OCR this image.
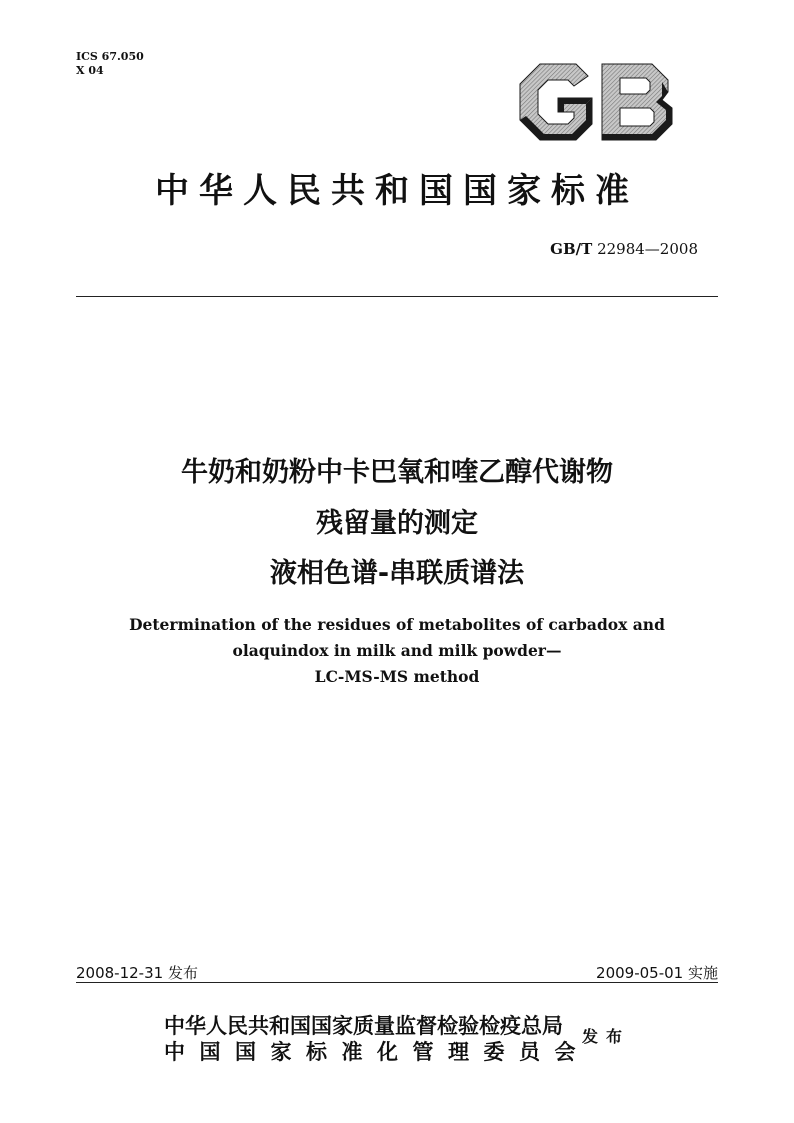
ICS 67.050
X 04
中华人民共和国国家标准
GB/T 22984—2008
牛奶和奶粉中卡巴氧和喹乙醇代谢物
残留量的测定
液相色谱-串联质谱法
Determination of the residues of metabolites of carbadox and
olaquindox in milk and milk powder—
LC-MS-MS method
2008-12-31 发布	2009-05-01 实施
中华人民共和国国家质量监督检验检疫总局
中国国家标准化管理委员会
发布
